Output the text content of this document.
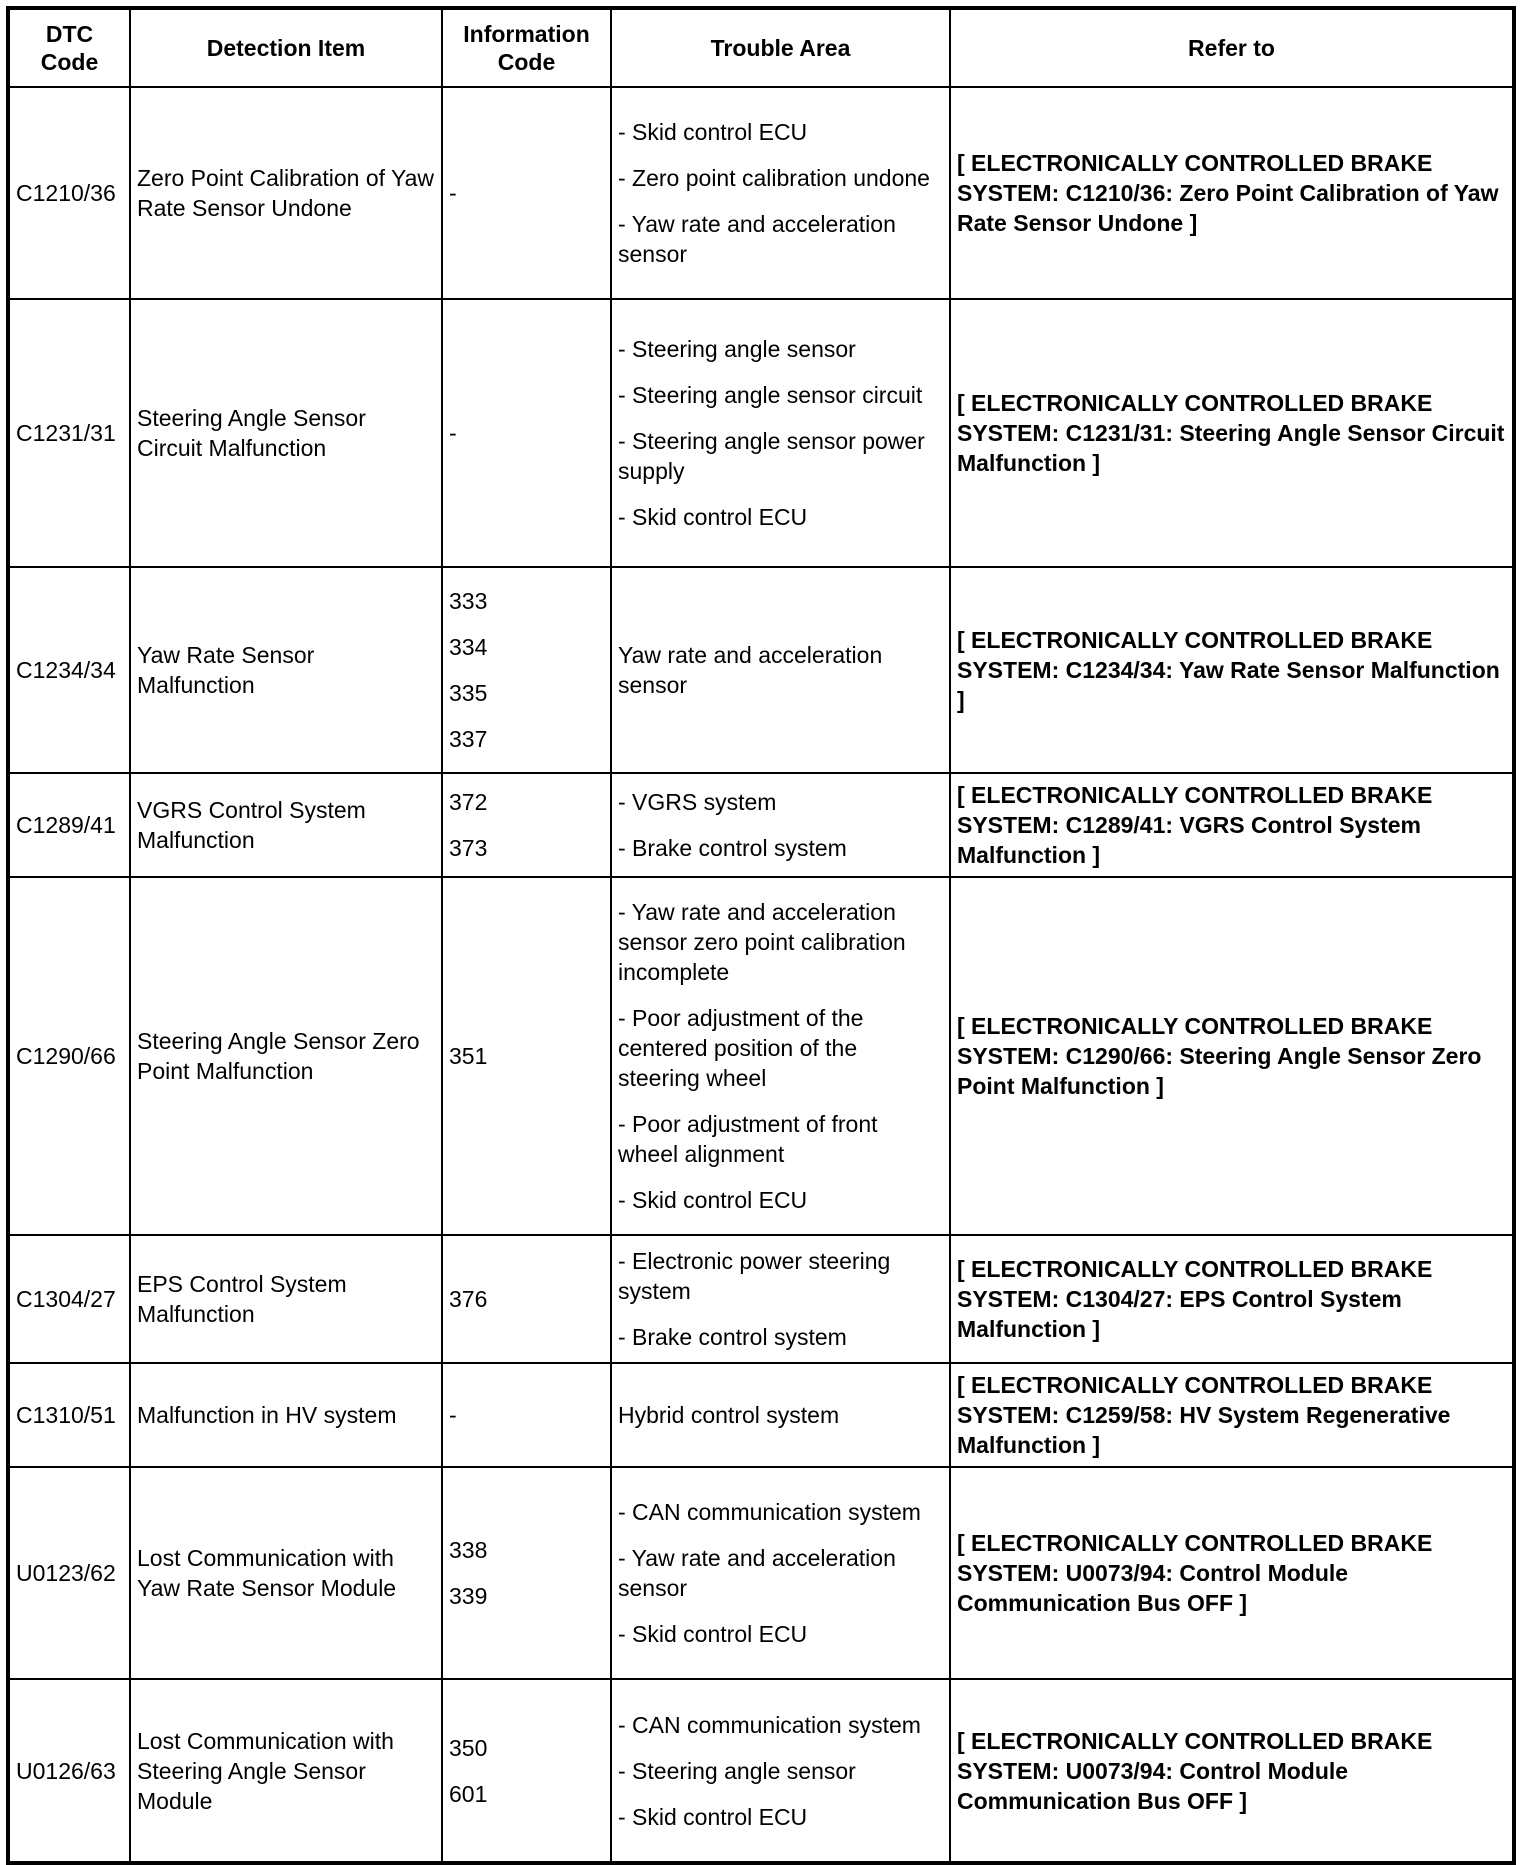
DTC Code	Detection Item	Information Code	Trouble Area	Refer to
C1210/36	Zero Point Calibration of Yaw Rate Sensor Undone	-	- Skid control ECU
- Zero point calibration undone
- Yaw rate and acceleration sensor	[ ELECTRONICALLY CONTROLLED BRAKE SYSTEM: C1210/36: Zero Point Calibration of Yaw Rate Sensor Undone ]
C1231/31	Steering Angle Sensor Circuit Malfunction	-	- Steering angle sensor
- Steering angle sensor circuit
- Steering angle sensor power supply
- Skid control ECU	[ ELECTRONICALLY CONTROLLED BRAKE SYSTEM: C1231/31: Steering Angle Sensor Circuit Malfunction ]
C1234/34	Yaw Rate Sensor Malfunction	333
334
335
337	Yaw rate and acceleration sensor	[ ELECTRONICALLY CONTROLLED BRAKE SYSTEM: C1234/34: Yaw Rate Sensor Malfunction ]
C1289/41	VGRS Control System Malfunction	372
373	- VGRS system
- Brake control system	[ ELECTRONICALLY CONTROLLED BRAKE SYSTEM: C1289/41: VGRS Control System Malfunction ]
C1290/66	Steering Angle Sensor Zero Point Malfunction	351	- Yaw rate and acceleration sensor zero point calibration incomplete
- Poor adjustment of the centered position of the steering wheel
- Poor adjustment of front wheel alignment
- Skid control ECU	[ ELECTRONICALLY CONTROLLED BRAKE SYSTEM: C1290/66: Steering Angle Sensor Zero Point Malfunction ]
C1304/27	EPS Control System Malfunction	376	- Electronic power steering system
- Brake control system	[ ELECTRONICALLY CONTROLLED BRAKE SYSTEM: C1304/27: EPS Control System Malfunction ]
C1310/51	Malfunction in HV system	-	Hybrid control system	[ ELECTRONICALLY CONTROLLED BRAKE SYSTEM: C1259/58: HV System Regenerative Malfunction ]
U0123/62	Lost Communication with Yaw Rate Sensor Module	338
339	- CAN communication system
- Yaw rate and acceleration sensor
- Skid control ECU	[ ELECTRONICALLY CONTROLLED BRAKE SYSTEM: U0073/94: Control Module Communication Bus OFF ]
U0126/63	Lost Communication with Steering Angle Sensor Module	350
601	- CAN communication system
- Steering angle sensor
- Skid control ECU	[ ELECTRONICALLY CONTROLLED BRAKE SYSTEM: U0073/94: Control Module Communication Bus OFF ]
